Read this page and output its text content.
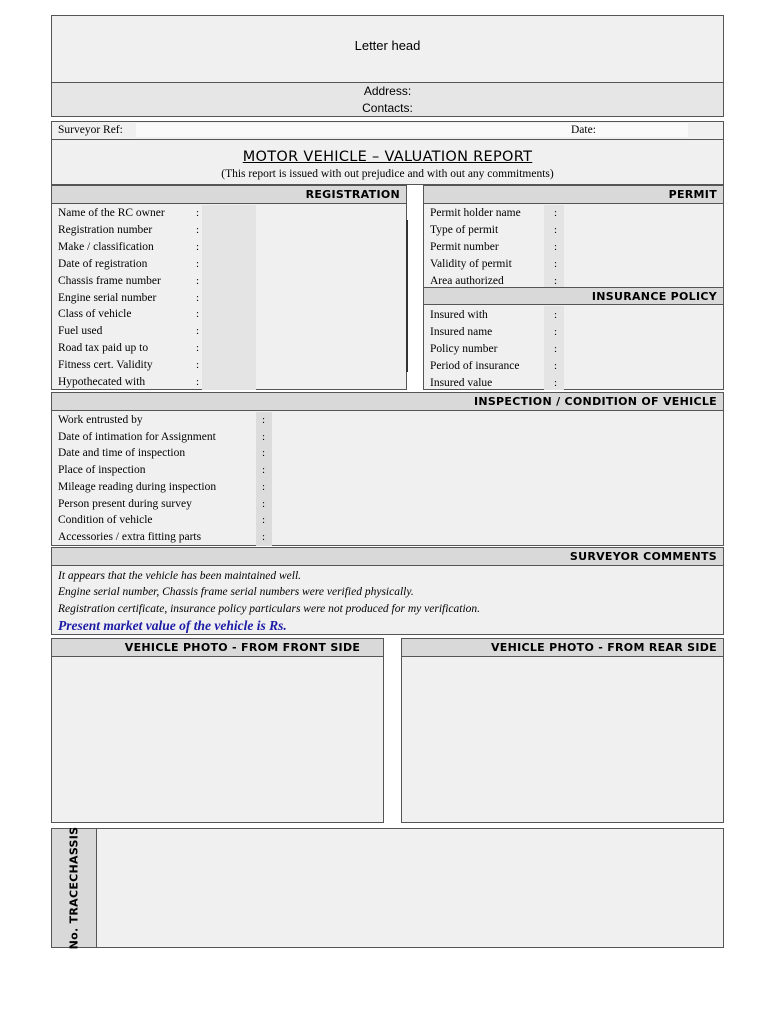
Letter head
Address:
Contacts:
Surveyor Ref:	Date:
MOTOR VEHICLE – VALUATION REPORT
(This report is issued with out prejudice and with out any commitments)
REGISTRATION
Name of the RC owner	:
Registration number	:
Make / classification	:
Date of registration	:
Chassis frame number	:
Engine serial number	:
Class of vehicle	:
Fuel used	:
Road tax paid up to	:
Fitness cert. Validity	:
Hypothecated with	:
PERMIT
Permit holder name	:
Type of permit	:
Permit number	:
Validity of permit	:
Area authorized	:
INSURANCE POLICY
Insured with	:
Insured name	:
Policy number	:
Period of insurance	:
Insured value	:
INSPECTION / CONDITION OF VEHICLE
Work entrusted by	:
Date of intimation for Assignment	:
Date and time of inspection	:
Place of inspection	:
Mileage reading during inspection	:
Person present during survey	:
Condition of vehicle	:
Accessories / extra fitting parts	:
SURVEYOR COMMENTS
It appears that the vehicle has been maintained well.
Engine serial number, Chassis frame serial numbers were verified physically.
Registration certificate, insurance policy particulars were not produced for my verification.
Present market value of the vehicle is Rs.
VEHICLE PHOTO - FROM FRONT SIDE	VEHICLE PHOTO - FROM REAR SIDE
No. TRACECHASSIS
